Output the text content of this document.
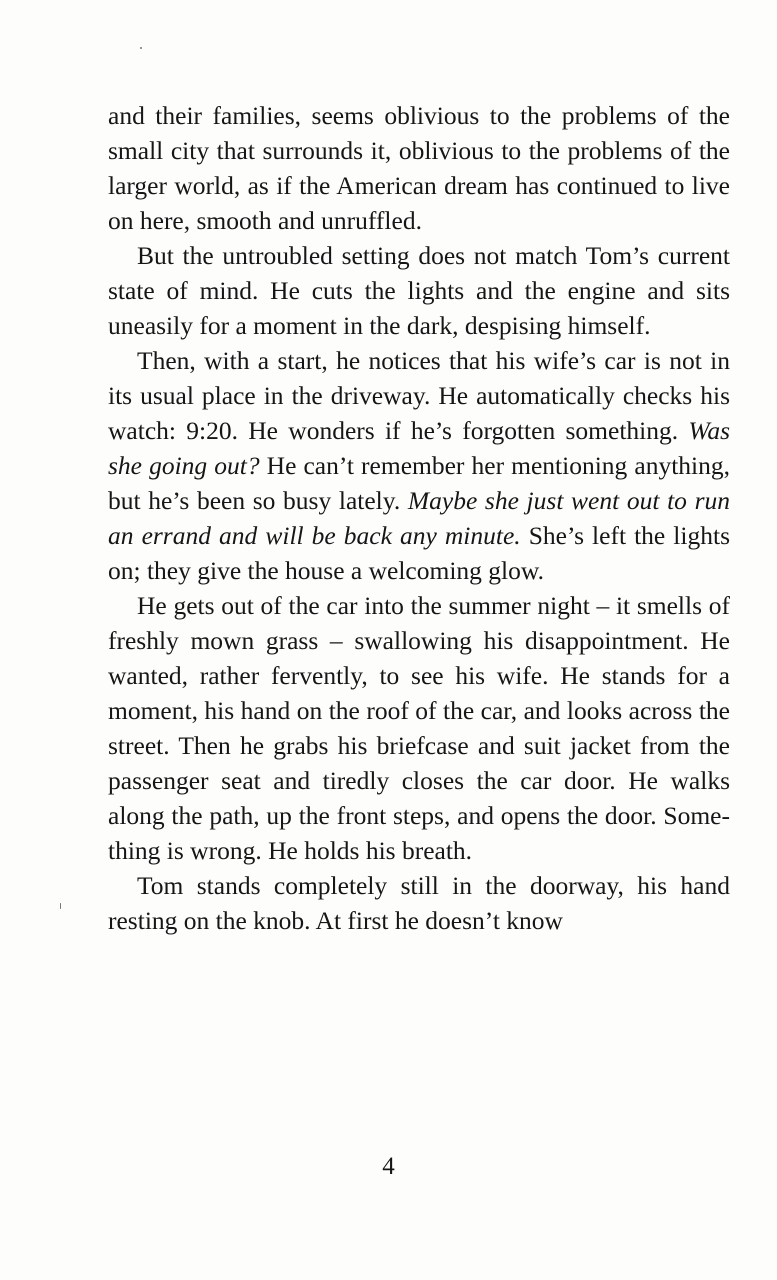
and their families, seems oblivious to the problems of the small city that surrounds it, oblivious to the problems of the larger world, as if the American dream has continued to live on here, smooth and unruffled.

But the untroubled setting does not match Tom’s current state of mind. He cuts the lights and the engine and sits uneasily for a moment in the dark, despising himself.

Then, with a start, he notices that his wife’s car is not in its usual place in the driveway. He automatically checks his watch: 9:20. He wonders if he’s forgotten something. Was she going out? He can’t remember her mentioning anything, but he’s been so busy lately. Maybe she just went out to run an errand and will be back any minute. She’s left the lights on; they give the house a welcoming glow.

He gets out of the car into the summer night – it smells of freshly mown grass – swallowing his disappointment. He wanted, rather fervently, to see his wife. He stands for a moment, his hand on the roof of the car, and looks across the street. Then he grabs his briefcase and suit jacket from the passenger seat and tiredly closes the car door. He walks along the path, up the front steps, and opens the door. Something is wrong. He holds his breath.

Tom stands completely still in the doorway, his hand resting on the knob. At first he doesn’t know

4
